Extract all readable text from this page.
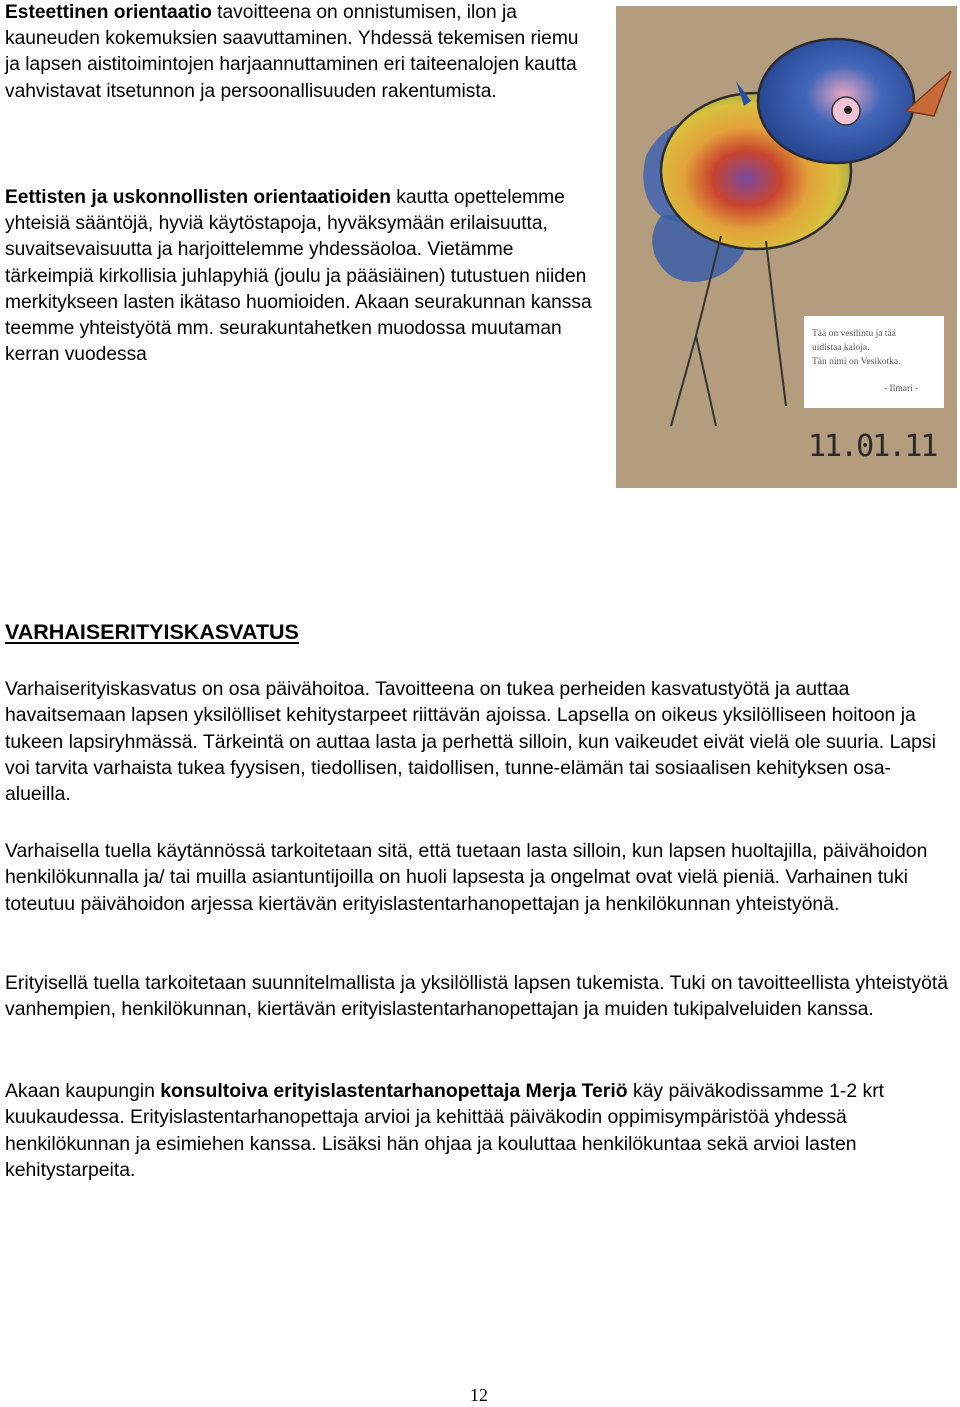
Esteettinen orientaatio tavoitteena on onnistumisen, ilon ja kauneuden kokemuksien saavuttaminen. Yhdessä tekemisen riemu ja lapsen aistitoimintojen harjaannuttaminen eri taiteenalojen kautta vahvistavat itsetunnon ja persoonallisuuden rakentumista.

Eettisten ja uskonnollisten orientaatioiden kautta opettelemme yhteisiä sääntöjä, hyviä käytöstapoja, hyväksymään erilaisuutta, suvaitsevaisuutta ja harjoittelemme yhdessäoloa. Vietämme tärkeimpiä kirkollisia juhlapyhiä (joulu ja pääsiäinen) tutustuen niiden merkitykseen lasten ikätaso huomioiden. Akaan seurakunnan kanssa teemme yhteistyötä mm. seurakuntahetken muodossa muutaman kerran vuodessa

Tää on vesilintu ja tää
uidistaa kaloja.
Tän nimi on Vesikotka.
- Ilmari -
11.01.11
VARHAISERITYISKASVATUS

Varhaiserityiskasvatus on osa päivähoitoa. Tavoitteena on tukea perheiden kasvatustyötä ja auttaa havaitsemaan lapsen yksilölliset kehitystarpeet riittävän ajoissa. Lapsella on oikeus yksilölliseen hoitoon ja tukeen lapsiryhmässä. Tärkeintä on auttaa lasta ja perhettä silloin, kun vaikeudet eivät vielä ole suuria. Lapsi voi tarvita varhaista tukea fyysisen, tiedollisen, taidollisen, tunne-elämän tai sosiaalisen kehityksen osa-alueilla.

Varhaisella tuella käytännössä tarkoitetaan sitä, että tuetaan lasta silloin, kun lapsen huoltajilla, päivähoidon henkilökunnalla ja/ tai muilla asiantuntijoilla on huoli lapsesta ja ongelmat ovat vielä pieniä. Varhainen tuki toteutuu päivähoidon arjessa kiertävän erityislastentarhanopettajan ja henkilökunnan yhteistyönä.

Erityisellä tuella tarkoitetaan suunnitelmallista ja yksilöllistä lapsen tukemista. Tuki on tavoitteellista yhteistyötä vanhempien, henkilökunnan, kiertävän erityislastentarhanopettajan ja muiden tukipalveluiden kanssa.

Akaan kaupungin konsultoiva erityislastentarhanopettaja Merja Teriö käy päiväkodissamme 1-2 krt kuukaudessa. Erityislastentarhanopettaja arvioi ja kehittää päiväkodin oppimisympäristöä yhdessä henkilökunnan ja esimiehen kanssa. Lisäksi hän ohjaa ja kouluttaa henkilökuntaa sekä arvioi lasten kehitystarpeita.

12
